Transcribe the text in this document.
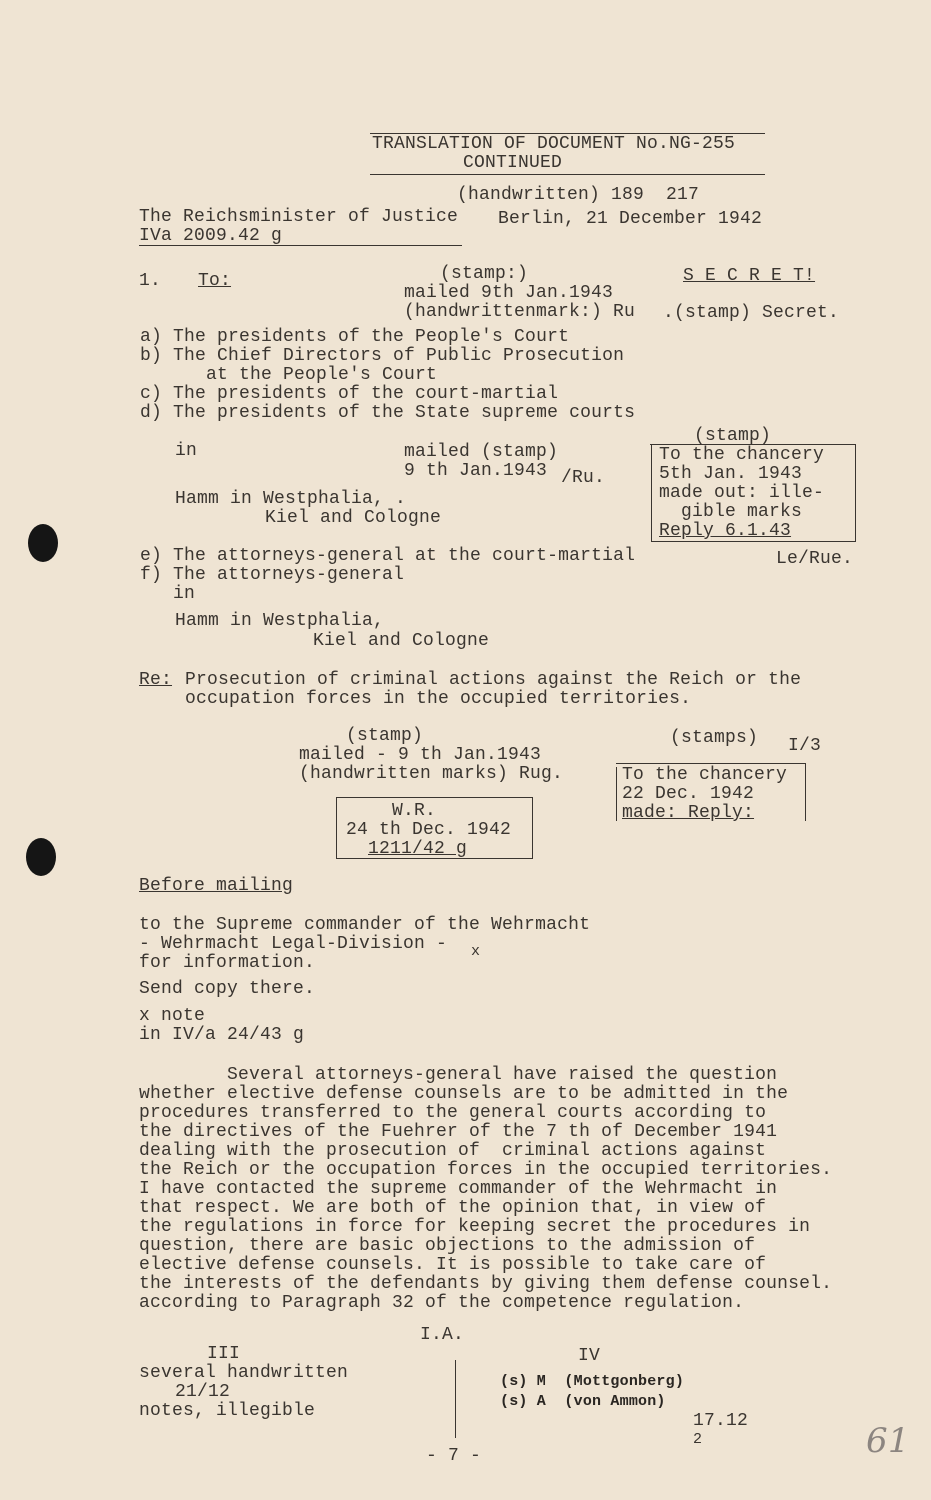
TRANSLATION OF DOCUMENT No.NG-255
CONTINUED
(handwritten) 189  217
The Reichsminister of Justice Berlin, 21 December 1942
IVa 2009.42 g
1. To:	(stamp:)
mailed 9th Jan.1943
(handwrittenmark:) Ru .(stamp) Secret.
S E C R E T!
a) The presidents of the People's Court
b) The Chief Directors of Public Prosecution
at the People's Court
c) The presidents of the court-martial
d) The presidents of the State supreme courts
in	mailed (stamp)
9 th Jan.1943 /Ru.
Hamm in Westphalia, .
Kiel and Cologne
(stamp)
To the chancery
5th Jan. 1943
made out: ille-
gible marks
Reply 6.1.43
Le/Rue.
e) The attorneys-general at the court-martial
f) The attorneys-general
in
Hamm in Westphalia,
Kiel and Cologne
Re: Prosecution of criminal actions against the Reich or the
occupation forces in the occupied territories.
(stamp)
mailed - 9 th Jan.1943
(handwritten marks) Rug.
W.R.
24 th Dec. 1942
1211/42 g
(stamps) I/3
To the chancery
22 Dec. 1942
made: Reply:
Before mailing
to the Supreme commander of the Wehrmacht
- Wehrmacht Legal-Division - x
for information.
Send copy there.
x note
in IV/a 24/43 g
Several attorneys-general have raised the question
whether elective defense counsels are to be admitted in the
procedures transferred to the general courts according to
the directives of the Fuehrer of the 7 th of December 1941
dealing with the prosecution of  criminal actions against
the Reich or the occupation forces in the occupied territories.
I have contacted the supreme commander of the Wehrmacht in
that respect. We are both of the opinion that, in view of
the regulations in force for keeping secret the procedures in
question, there are basic objections to the admission of
elective defense counsels. It is possible to take care of
the interests of the defendants by giving them defense counsel.
according to Paragraph 32 of the competence regulation.
I.A.
III
several handwritten
21/12
notes, illegible
IV
(s) M  (Mottgonberg)
(s) A  (von Ammon)
17.12
2
- 7 -	61
